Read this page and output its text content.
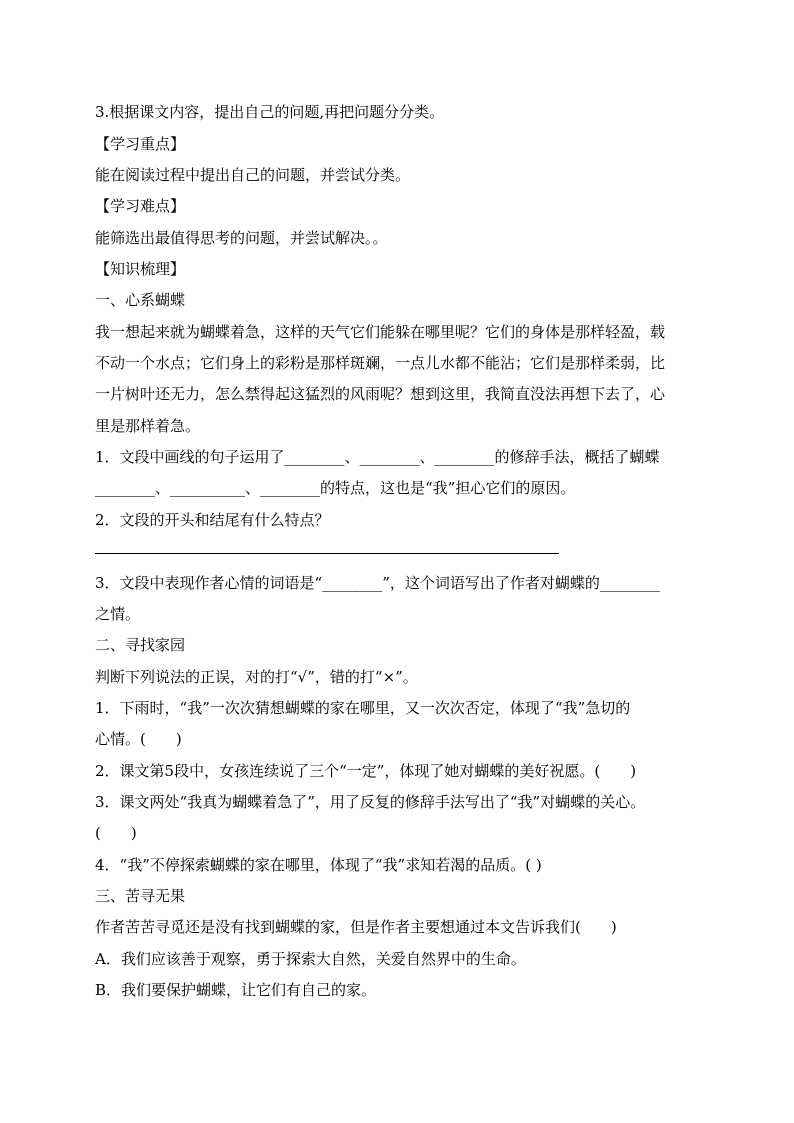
3.根据课文内容，提出自己的问题,再把问题分分类。
【学习重点】
能在阅读过程中提出自己的问题，并尝试分类。
【学习难点】
能筛选出最值得思考的问题，并尝试解决。。
【知识梳理】
一、心系蝴蝶
我一想起来就为蝴蝶着急，这样的天气它们能躲在哪里呢？它们的身体是那样轻盈，载
不动一个水点；它们身上的彩粉是那样斑斓，一点儿水都不能沾；它们是那样柔弱，比
一片树叶还无力，怎么禁得起这猛烈的风雨呢？想到这里，我简直没法再想下去了，心
里是那样着急。
1．文段中画线的句子运用了________、________、________的修辞手法，概括了蝴蝶
________、__________、________的特点，这也是“我”担心它们的原因。
2．文段的开头和结尾有什么特点？
3．文段中表现作者心情的词语是“________”，这个词语写出了作者对蝴蝶的________
之情。
二、寻找家园
判断下列说法的正误，对的打“√”，错的打“×”。
1．下雨时，“我”一次次猜想蝴蝶的家在哪里，又一次次否定，体现了“我”急切的
心情。(　　)
2．课文第5段中，女孩连续说了三个“一定”，体现了她对蝴蝶的美好祝愿。(　　)
3．课文两处“我真为蝴蝶着急了”，用了反复的修辞手法写出了“我”对蝴蝶的关心。
(　　)
4．“我”不停探索蝴蝶的家在哪里，体现了“我”求知若渴的品质。( )
三、苦寻无果
作者苦苦寻觅还是没有找到蝴蝶的家，但是作者主要想通过本文告诉我们(　　)
A．我们应该善于观察，勇于探索大自然，关爱自然界中的生命。
B．我们要保护蝴蝶，让它们有自己的家。
